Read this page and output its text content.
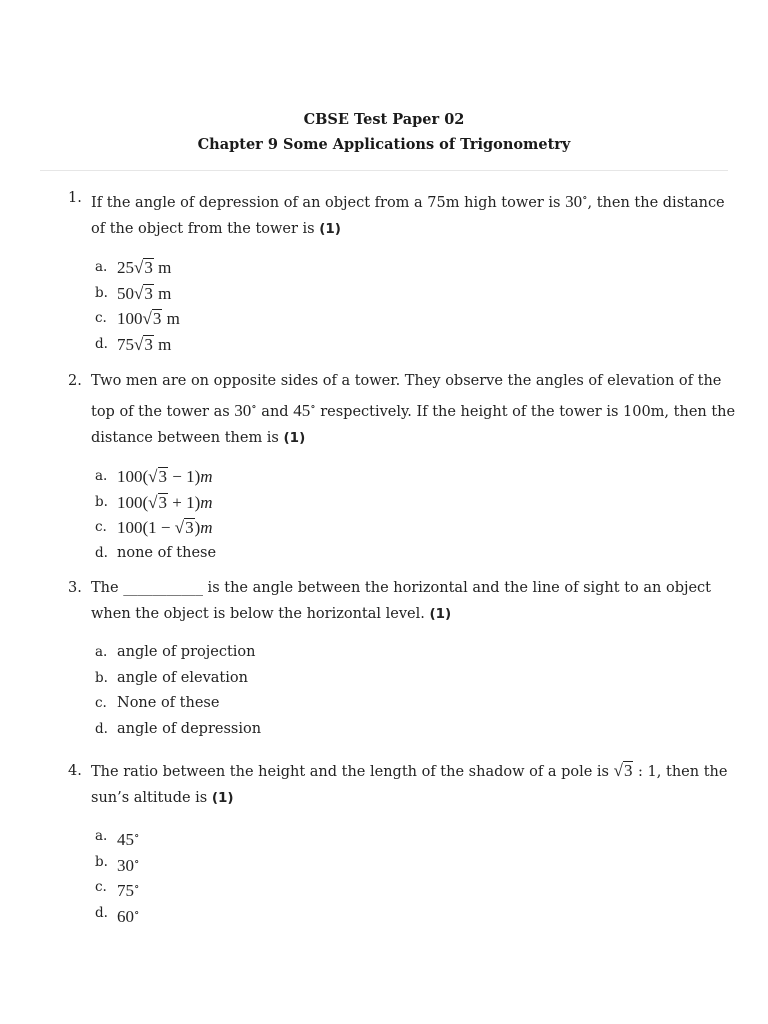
CBSE Test Paper 02
Chapter 9 Some Applications of Trigonometry
1. If the angle of depression of an object from a 75m high tower is 30∘, then the distance of the object from the tower is (1)
a. 25√3 m
b. 50√3 m
c. 100√3 m
d. 75√3 m
2. Two men are on opposite sides of a tower. They observe the angles of elevation of the top of the tower as 30∘ and 45∘ respectively. If the height of the tower is 100m, then the distance between them is (1)
a. 100(√3 − 1)m
b. 100(√3 + 1)m
c. 100(1 − √3)m
d. none of these
3. The ___________ is the angle between the horizontal and the line of sight to an object when the object is below the horizontal level. (1)
a. angle of projection
b. angle of elevation
c. None of these
d. angle of depression
4. The ratio between the height and the length of the shadow of a pole is √3 : 1, then the sun’s altitude is (1)
a. 45∘
b. 30∘
c. 75∘
d. 60∘
